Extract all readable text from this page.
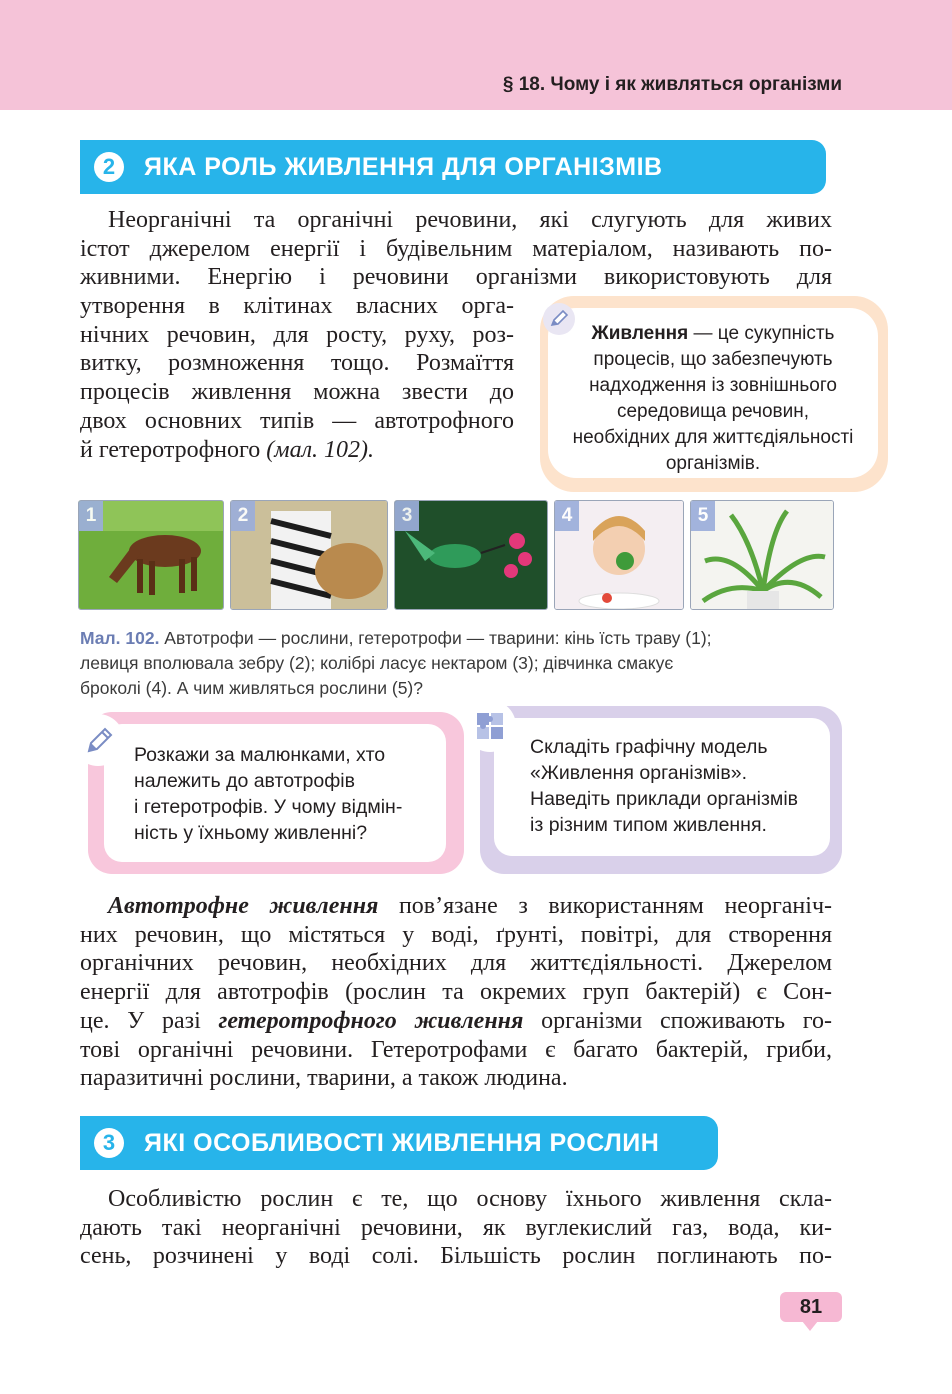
§ 18. Чому і як живляться організми
2	ЯКА РОЛЬ ЖИВЛЕННЯ ДЛЯ ОРГАНІЗМІВ
Неорганічні та органічні речовини, які слугують для живих
істот джерелом енергії і будівельним матеріалом, називають по-
живними. Енергію і речовини організми використовують для
утворення в клітинах власних орга-
нічних речовин, для росту, руху, роз-
витку, розмноження тощо. Розмаїття
процесів живлення можна звести до
двох основних типів — автотрофного
й гетеротрофного (мал. 102).
Живлення — це сукупність
процесів, що забезпечують
надходження із зовнішнього
середовища речовин,
необхідних для життєдіяльності
організмів.
1	2	3	4	5
Мал. 102. Автотрофи — рослини, гетеротрофи — тварини: кінь їсть траву (1);
левиця вполювала зебру (2); колібрі ласує нектаром (3); дівчинка смакує
броколі (4). А чим живляться рослини (5)?
Розкажи за малюнками, хто
належить до автотрофів
і гетеротрофів. У чому відмін-
ність у їхньому живленні?
Складіть графічну модель
«Живлення організмів».
Наведіть приклади організмів
із різним типом живлення.
Автотрофне живлення пов’язане з використанням неорганіч-
них речовин, що містяться у воді, ґрунті, повітрі, для створення
органічних речовин, необхідних для життєдіяльності. Джерелом
енергії для автотрофів (рослин та окремих груп бактерій) є Сон-
це. У разі гетеротрофного живлення організми споживають го-
тові органічні речовини. Гетеротрофами є багато бактерій, гриби,
паразитичні рослини, тварини, а також людина.
3	ЯКІ ОСОБЛИВОСТІ ЖИВЛЕННЯ РОСЛИН
Особливістю рослин є те, що основу їхнього живлення скла-
дають такі неорганічні речовини, як вуглекислий газ, вода, ки-
сень, розчинені у воді солі. Більшість рослин поглинають по-
81
